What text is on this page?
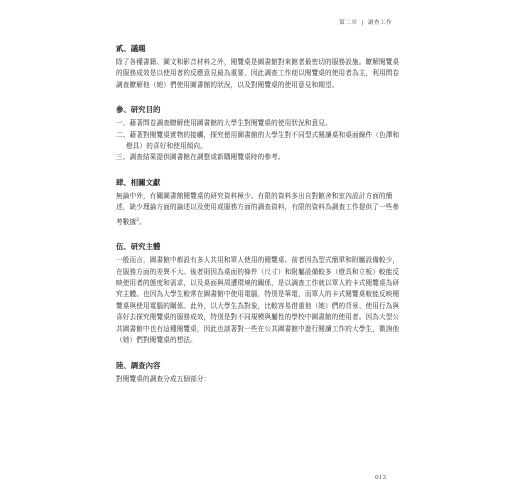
第二章 | 調查工作
貳、議題

除了各種書籍、圖文和影音材料之外，閱覽桌是圖書館對來館者最密切的服務設施。瞭解閱覽桌的服務成效是以使用者的反應意見最為重要，因此調查工作便以閱覽桌的使用者為主，利用問卷調查瞭解他（她）們使用圖書館的狀況，以及對閱覽桌的使用意見和期望。

參、研究目的

一、藉著問卷調查瞭解使用圖書館的大學生對閱覽桌的使用狀況和意見。

二、藉著對閱覽桌實物的接觸，探究使用圖書館的大學生對不同型式閱讀桌和桌面線件（色澤和燈具）的喜好和使用傾向。

三、調查結果提供圖書館在調整或新購閱覽桌時的參考。

肆、相關文獻

無論中外，有關圖書館閱覽桌的研究資料極少。有限的資料多出自對館舍和室內設計方面的簡述，缺少理論方面的論述以及使用或服務方面的調查資料，有限的資料為調查工作提供了一些參考數據$^2$。

伍、研究主體

一般而言，圖書館中都設有多人共用和單人使用的閱覽桌。前者因為型式簡單和附屬設備較少，在服務方面的差異不大。後者則因為桌面的條件（尺寸）和附屬設備較多（燈具和立板）較能反映使用者的態度和需求，以及桌面與周遭環境的關係，是以調查工作就以單人的卡式閱覽桌為研究主體。也因為大學生較常在圖書館中使用電腦，特別是筆電，而單人的卡式閱覽桌較能反映閱覽桌與使用電腦的關係。此外，以大學生為對象，比較容易借重他（她）們的背景、使用行為與喜好去探究閱覽桌的服務成效，特別是對不同規模與屬性的學校中圖書館的使用者。因為大型公共圖書館中也有這種閱覽桌，因此也談著對一些在公共圖書館中進行閱讀工作的大學生，微詢他（她）們對閱覽桌的想法。

陸、調查內容

對閱覽桌的調查分成五個部分：

013
